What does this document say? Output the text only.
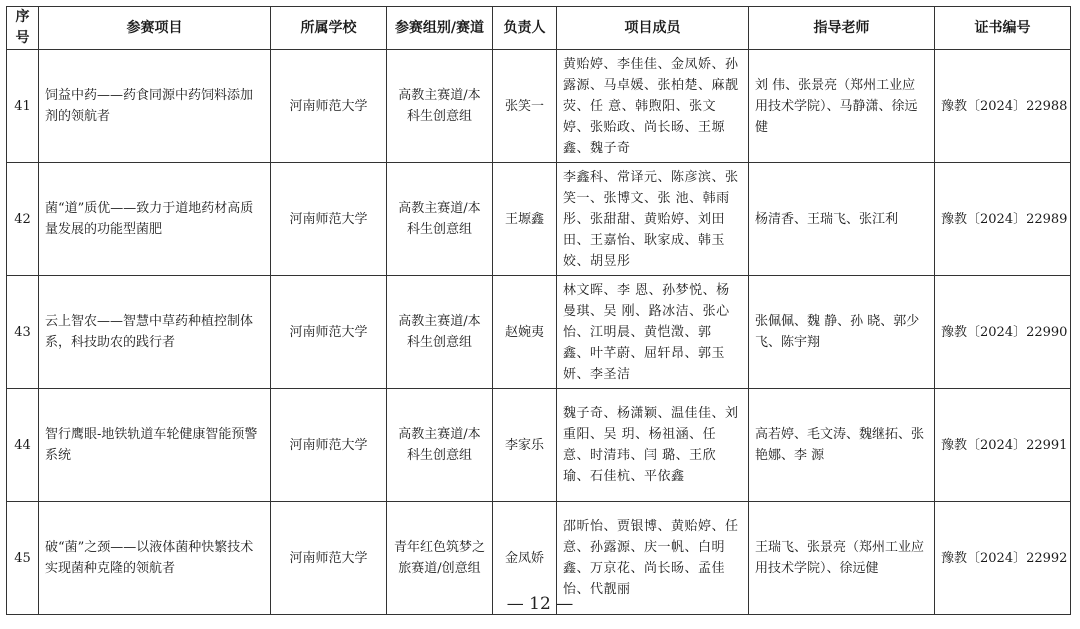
序号	参赛项目	所属学校	参赛组别/赛道	负责人	项目成员	指导老师	证书编号
41	饲益中药——药食同源中药饲料添加剂的领航者	河南师范大学	高教主赛道/本科生创意组	张笑一	黄贻婷、李佳佳、金凤娇、孙露源、马卓媛、张柏楚、麻靓荧、任 意、韩煦阳、张文婷、张贻政、尚长旸、王塬鑫、魏子奇	刘 伟、张景亮（郑州工业应用技术学院）、马静潇、徐远健	豫教〔2024〕22988
42	菌“道”质优——致力于道地药材高质量发展的功能型菌肥	河南师范大学	高教主赛道/本科生创意组	王塬鑫	李鑫科、常译元、陈彦滨、张笑一、张博文、张 池、韩雨彤、张甜甜、黄贻婷、刘田田、王嘉怡、耿家成、韩玉姣、胡昱彤	杨清香、王瑞飞、张江利	豫教〔2024〕22989
43	云上智农——智慧中草药种植控制体系，科技助农的践行者	河南师范大学	高教主赛道/本科生创意组	赵婉夷	林文晖、李 恩、孙梦悦、杨曼琪、吴 刚、路冰洁、张心怡、江明晨、黄恺澂、郭 鑫、叶芊蔚、屈轩昂、郭玉妍、李圣洁	张佩佩、魏 静、孙 晓、郭少飞、陈宇翔	豫教〔2024〕22990
44	智行鹰眼-地铁轨道车轮健康智能预警系统	河南师范大学	高教主赛道/本科生创意组	李家乐	魏子奇、杨潇颖、温佳佳、刘重阳、吴 玥、杨祖涵、任 意、时清玮、闫 璐、王欣瑜、石佳杭、平依鑫	高若婷、毛文涛、魏继拓、张艳娜、李 源	豫教〔2024〕22991
45	破“菌”之颈——以液体菌种快繁技术实现菌种克隆的领航者	河南师范大学	青年红色筑梦之旅赛道/创意组	金凤娇	邵昕怡、贾银博、黄贻婷、任 意、孙露源、庆一帆、白明鑫、万京花、尚长旸、孟佳怡、代靓丽	王瑞飞、张景亮（郑州工业应用技术学院）、徐远健	豫教〔2024〕22992
— 12 —
